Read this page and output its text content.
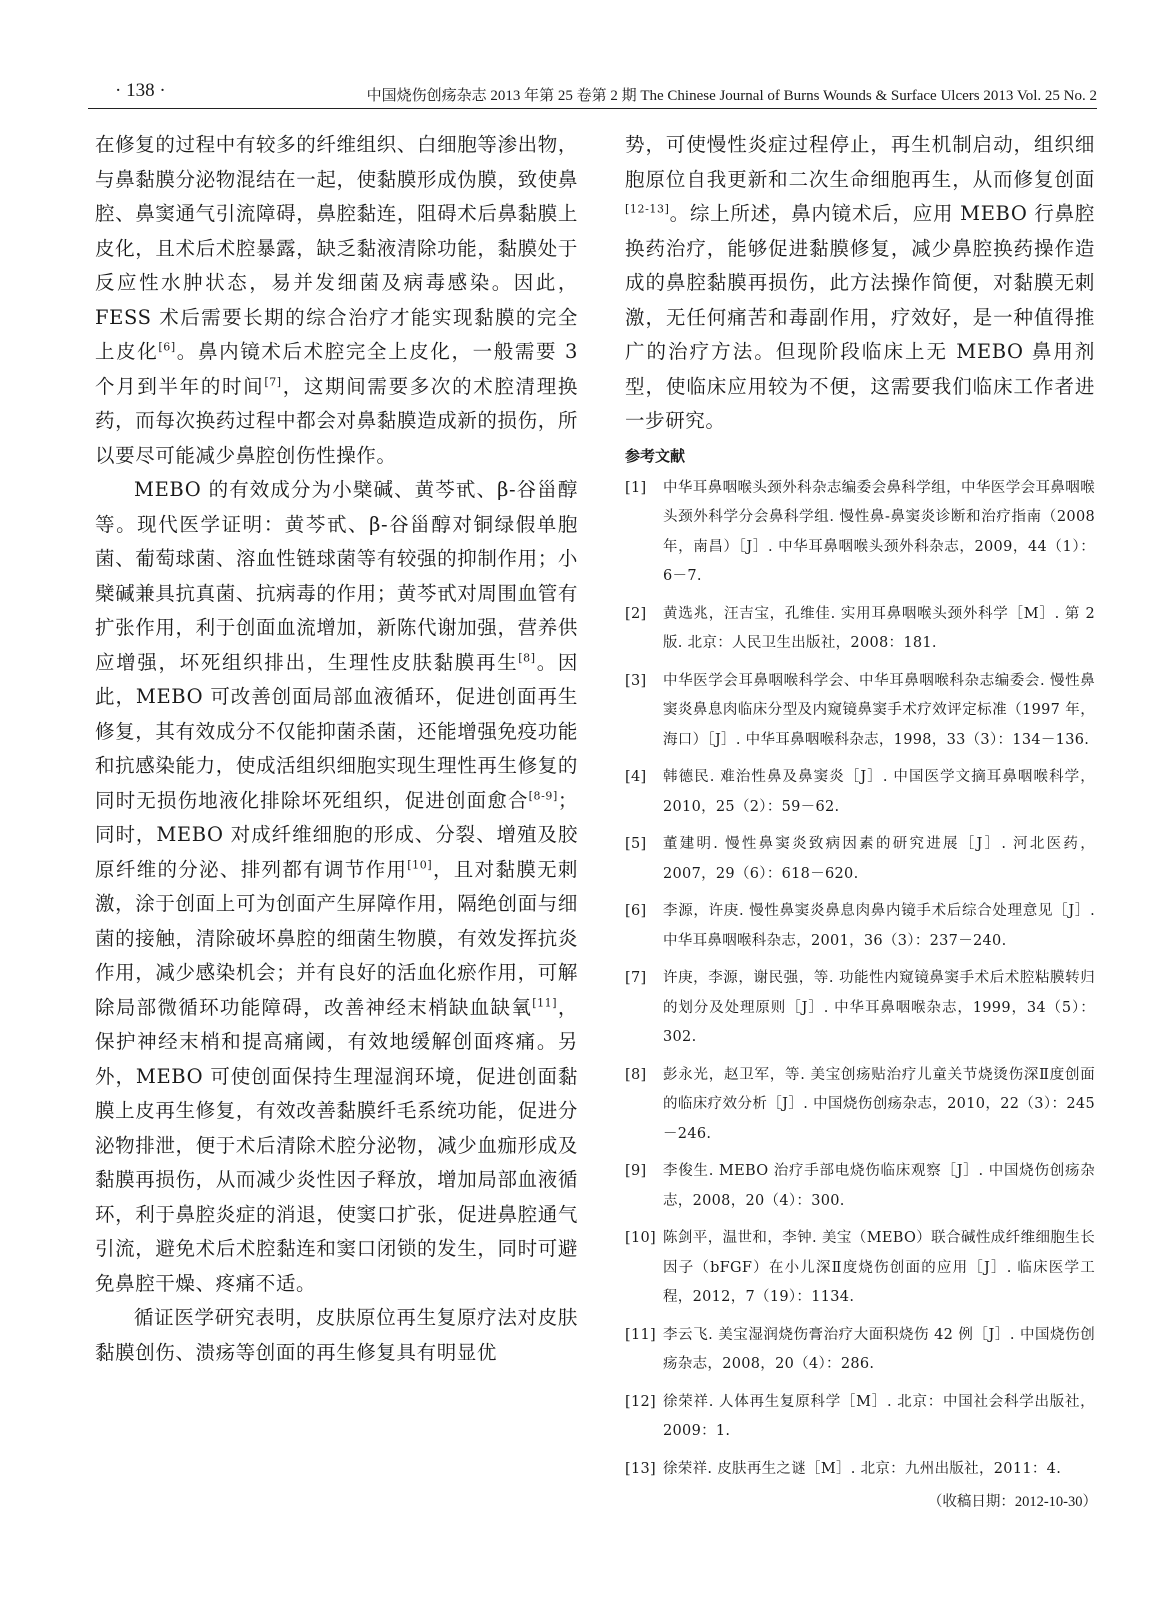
· 138 ·	中国烧伤创疡杂志 2013 年第 25 卷第 2 期 The Chinese Journal of Burns Wounds & Surface Ulcers 2013 Vol. 25 No. 2

在修复的过程中有较多的纤维组织、白细胞等渗出物，与鼻黏膜分泌物混结在一起，使黏膜形成伪膜，致使鼻腔、鼻窦通气引流障碍，鼻腔黏连，阻碍术后鼻黏膜上皮化，且术后术腔暴露，缺乏黏液清除功能，黏膜处于反应性水肿状态，易并发细菌及病毒感染。因此，FESS 术后需要长期的综合治疗才能实现黏膜的完全上皮化[6]。鼻内镜术后术腔完全上皮化，一般需要 3 个月到半年的时间[7]，这期间需要多次的术腔清理换药，而每次换药过程中都会对鼻黏膜造成新的损伤，所以要尽可能减少鼻腔创伤性操作。

MEBO 的有效成分为小檗碱、黄芩甙、β-谷甾醇等。现代医学证明：黄芩甙、β-谷甾醇对铜绿假单胞菌、葡萄球菌、溶血性链球菌等有较强的抑制作用；小檗碱兼具抗真菌、抗病毒的作用；黄芩甙对周围血管有扩张作用，利于创面血流增加，新陈代谢加强，营养供应增强，坏死组织排出，生理性皮肤黏膜再生[8]。因此，MEBO 可改善创面局部血液循环，促进创面再生修复，其有效成分不仅能抑菌杀菌，还能增强免疫功能和抗感染能力，使成活组织细胞实现生理性再生修复的同时无损伤地液化排除坏死组织，促进创面愈合[8-9]；同时，MEBO 对成纤维细胞的形成、分裂、增殖及胶原纤维的分泌、排列都有调节作用[10]，且对黏膜无刺激，涂于创面上可为创面产生屏障作用，隔绝创面与细菌的接触，清除破坏鼻腔的细菌生物膜，有效发挥抗炎作用，减少感染机会；并有良好的活血化瘀作用，可解除局部微循环功能障碍，改善神经末梢缺血缺氧[11]，保护神经末梢和提高痛阈，有效地缓解创面疼痛。另外，MEBO 可使创面保持生理湿润环境，促进创面黏膜上皮再生修复，有效改善黏膜纤毛系统功能，促进分泌物排泄，便于术后清除术腔分泌物，减少血痂形成及黏膜再损伤，从而减少炎性因子释放，增加局部血液循环，利于鼻腔炎症的消退，使窦口扩张，促进鼻腔通气引流，避免术后术腔黏连和窦口闭锁的发生，同时可避免鼻腔干燥、疼痛不适。

循证医学研究表明，皮肤原位再生复原疗法对皮肤黏膜创伤、溃疡等创面的再生修复具有明显优

势，可使慢性炎症过程停止，再生机制启动，组织细胞原位自我更新和二次生命细胞再生，从而修复创面[12-13]。综上所述，鼻内镜术后，应用 MEBO 行鼻腔换药治疗，能够促进黏膜修复，减少鼻腔换药操作造成的鼻腔黏膜再损伤，此方法操作简便，对黏膜无刺激，无任何痛苦和毒副作用，疗效好，是一种值得推广的治疗方法。但现阶段临床上无 MEBO 鼻用剂型，使临床应用较为不便，这需要我们临床工作者进一步研究。

参考文献
[1]	中华耳鼻咽喉头颈外科杂志编委会鼻科学组，中华医学会耳鼻咽喉头颈外科学分会鼻科学组. 慢性鼻-鼻窦炎诊断和治疗指南（2008 年，南昌）［J］. 中华耳鼻咽喉头颈外科杂志，2009，44（1）：6－7.
[2]	黄选兆，汪吉宝，孔维佳. 实用耳鼻咽喉头颈外科学［M］. 第 2 版. 北京：人民卫生出版社，2008：181.
[3]	中华医学会耳鼻咽喉科学会、中华耳鼻咽喉科杂志编委会. 慢性鼻窦炎鼻息肉临床分型及内窥镜鼻窦手术疗效评定标准（1997 年，海口）［J］. 中华耳鼻咽喉科杂志，1998，33（3）：134－136.
[4]	韩德民. 难治性鼻及鼻窦炎［J］. 中国医学文摘耳鼻咽喉科学，2010，25（2）：59－62.
[5]	董建明. 慢性鼻窦炎致病因素的研究进展［J］. 河北医药，2007，29（6）：618－620.
[6]	李源，许庚. 慢性鼻窦炎鼻息肉鼻内镜手术后综合处理意见［J］. 中华耳鼻咽喉科杂志，2001，36（3）：237－240.
[7]	许庚，李源，谢民强，等. 功能性内窥镜鼻窦手术后术腔粘膜转归的划分及处理原则［J］. 中华耳鼻咽喉杂志，1999，34（5）：302.
[8]	彭永光，赵卫军，等. 美宝创疡贴治疗儿童关节烧烫伤深Ⅱ度创面的临床疗效分析［J］. 中国烧伤创疡杂志，2010，22（3）：245－246.
[9]	李俊生. MEBO 治疗手部电烧伤临床观察［J］. 中国烧伤创疡杂志，2008，20（4）：300.
[10] 陈剑平，温世和，李钟. 美宝（MEBO）联合碱性成纤维细胞生长因子（bFGF）在小儿深Ⅱ度烧伤创面的应用［J］. 临床医学工程，2012，7（19）：1134.
[11] 李云飞. 美宝湿润烧伤膏治疗大面积烧伤 42 例［J］. 中国烧伤创疡杂志，2008，20（4）：286.
[12] 徐荣祥. 人体再生复原科学［M］. 北京：中国社会科学出版社，2009：1.
[13] 徐荣祥. 皮肤再生之谜［M］. 北京：九州出版社，2011：4.
（收稿日期：2012-10-30）
